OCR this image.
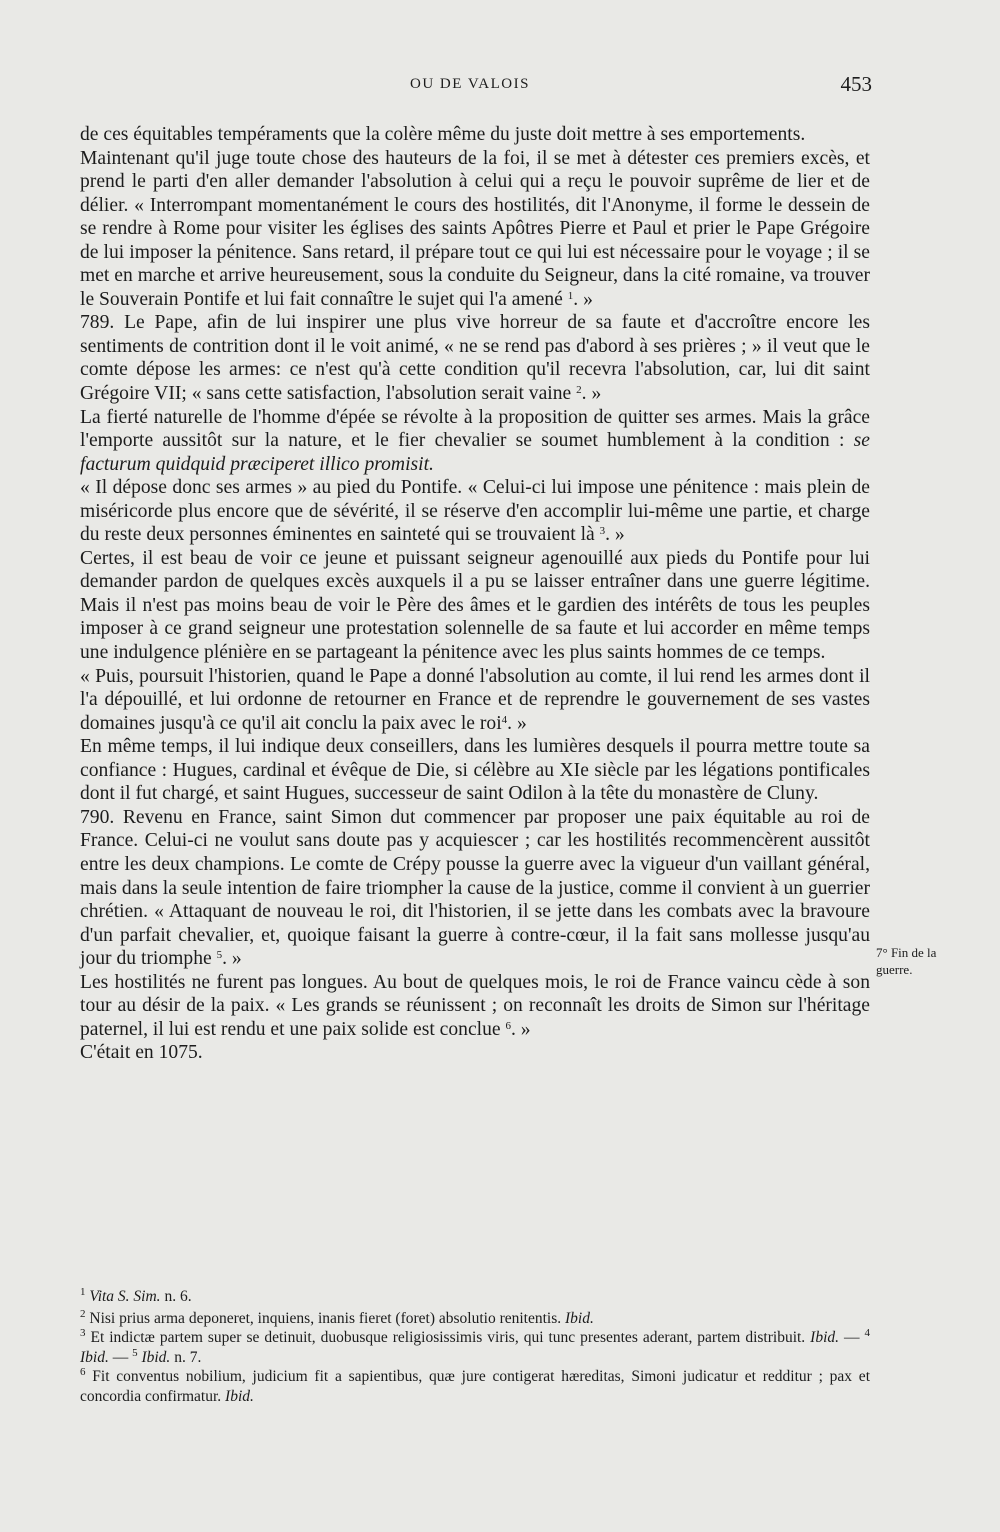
OU DE VALOIS	453

de ces équitables tempéraments que la colère même du juste doit mettre à ses emportements.

Maintenant qu'il juge toute chose des hauteurs de la foi, il se met à détester ces premiers excès, et prend le parti d'en aller demander l'absolution à celui qui a reçu le pouvoir suprême de lier et de délier. « Interrompant momentanément le cours des hostilités, dit l'Anonyme, il forme le dessein de se rendre à Rome pour visiter les églises des saints Apôtres Pierre et Paul et prier le Pape Grégoire de lui imposer la pénitence. Sans retard, il prépare tout ce qui lui est nécessaire pour le voyage ; il se met en marche et arrive heureusement, sous la conduite du Seigneur, dans la cité romaine, va trouver le Souverain Pontife et lui fait connaître le sujet qui l'a amené $^1$. »

789. Le Pape, afin de lui inspirer une plus vive horreur de sa faute et d'accroître encore les sentiments de contrition dont il le voit animé, « ne se rend pas d'abord à ses prières ; » il veut que le comte dépose les armes: ce n'est qu'à cette condition qu'il recevra l'absolution, car, lui dit saint Grégoire VII; « sans cette satisfaction, l'absolution serait vaine $^2$. »

La fierté naturelle de l'homme d'épée se révolte à la proposition de quitter ses armes. Mais la grâce l'emporte aussitôt sur la nature, et le fier chevalier se soumet humblement à la condition : se facturum quidquid præciperet illico promisit.

« Il dépose donc ses armes » au pied du Pontife. « Celui-ci lui impose une pénitence : mais plein de miséricorde plus encore que de sévérité, il se réserve d'en accomplir lui-même une partie, et charge du reste deux personnes éminentes en sainteté qui se trouvaient là $^3$. »

Certes, il est beau de voir ce jeune et puissant seigneur agenouillé aux pieds du Pontife pour lui demander pardon de quelques excès auxquels il a pu se laisser entraîner dans une guerre légitime. Mais il n'est pas moins beau de voir le Père des âmes et le gardien des intérêts de tous les peuples imposer à ce grand seigneur une protestation solennelle de sa faute et lui accorder en même temps une indulgence plénière en se partageant la pénitence avec les plus saints hommes de ce temps.

« Puis, poursuit l'historien, quand le Pape a donné l'absolution au comte, il lui rend les armes dont il l'a dépouillé, et lui ordonne de retourner en France et de reprendre le gouvernement de ses vastes domaines jusqu'à ce qu'il ait conclu la paix avec le roi$^4$. »

En même temps, il lui indique deux conseillers, dans les lumières desquels il pourra mettre toute sa confiance : Hugues, cardinal et évêque de Die, si célèbre au XIe siècle par les légations pontificales dont il fut chargé, et saint Hugues, successeur de saint Odilon à la tête du monastère de Cluny.

790. Revenu en France, saint Simon dut commencer par proposer une paix équitable au roi de France. Celui-ci ne voulut sans doute pas y acquiescer ; car les hostilités recommencèrent aussitôt entre les deux champions. Le comte de Crépy pousse la guerre avec la vigueur d'un vaillant général, mais dans la seule intention de faire triompher la cause de la justice, comme il convient à un guerrier chrétien. « Attaquant de nouveau le roi, dit l'historien, il se jette dans les combats avec la bravoure d'un parfait chevalier, et, quoique faisant la guerre à contre-cœur, il la fait sans mollesse jusqu'au jour du triomphe $^5$. »

Les hostilités ne furent pas longues. Au bout de quelques mois, le roi de France vaincu cède à son tour au désir de la paix. « Les grands se réunissent ; on reconnaît les droits de Simon sur l'héritage paternel, il lui est rendu et une paix solide est conclue $^6$. »

C'était en 1075.

7° Fin de la guerre.

$^1$ Vita S. Sim. n. 6.

$^2$ Nisi prius arma deponeret, inquiens, inanis fieret (foret) absolutio renitentis. Ibid.

$^3$ Et indictæ partem super se detinuit, duobusque religiosissimis viris, qui tunc presentes aderant, partem distribuit. Ibid. — $^4$ Ibid. — $^5$ Ibid. n. 7.

$^6$ Fit conventus nobilium, judicium fit a sapientibus, quæ jure contigerat hæreditas, Simoni judicatur et redditur ; pax et concordia confirmatur. Ibid.
